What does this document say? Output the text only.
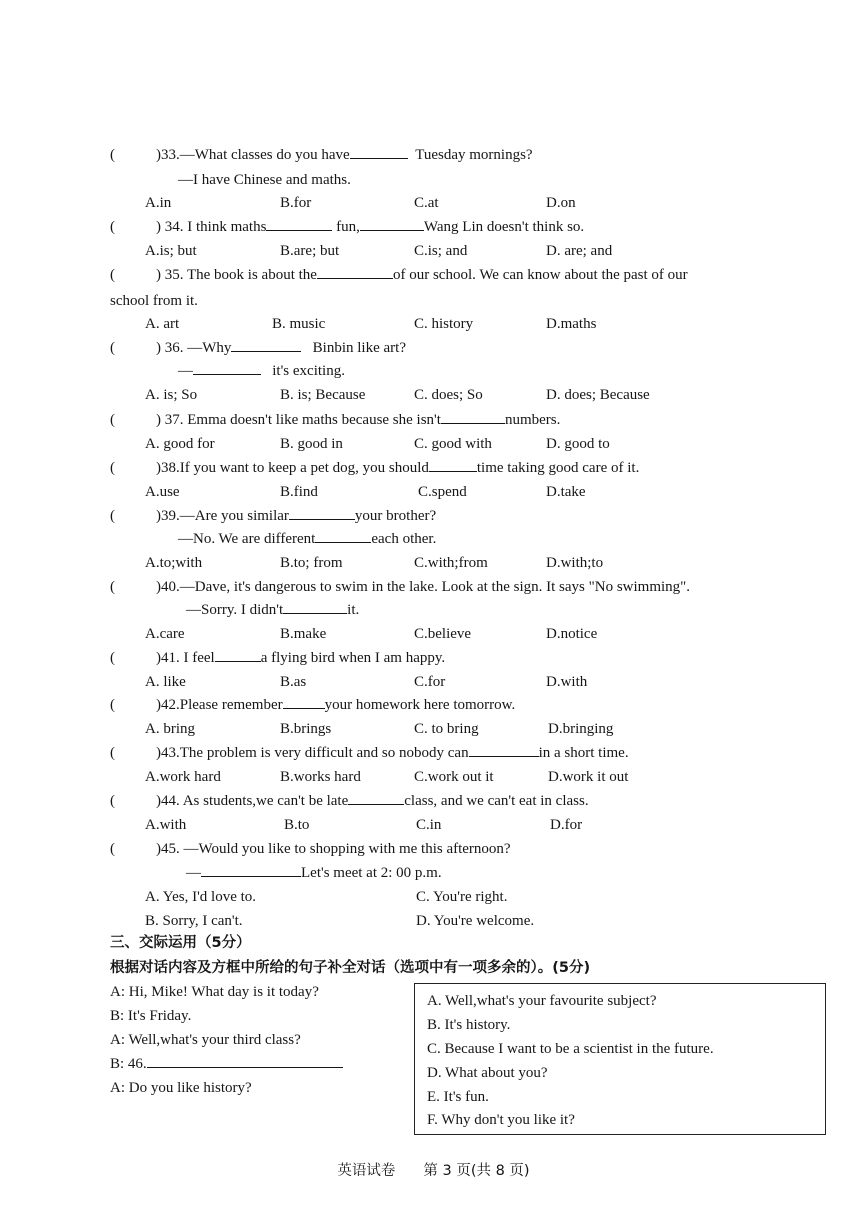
(	)33.—What classes do you have	Tuesday mornings?
—I have Chinese and maths.
A.in	B.for	C.at	D.on
(	) 34. I think maths	fun,	Wang Lin doesn't think so.
A.is; but	B.are; but	C.is; and	D. are; and
(	) 35. The book is about the	of our school. We can know about the past of our
school from it.
A. art	B. music	C. history	D.maths
(	) 36. —Why	Binbin like art?
—	it's exciting.
A. is; So	B. is; Because	C. does; So	D. does; Because
(	) 37. Emma doesn't like maths because she isn't	numbers.
A. good for	B. good in	C. good with	D. good to
(	)38.If you want to keep a pet dog, you should	time taking good care of it.
A.use	B.find	C.spend	D.take
(	)39.—Are you similar	your brother?
—No. We are different	each other.
A.to;with	B.to; from	C.with;from	D.with;to
(	)40.—Dave, it's dangerous to swim in the lake. Look at the sign. It says "No swimming".
—Sorry. I didn't	it.
A.care	B.make	C.believe	D.notice
(	)41. I feel	a flying bird when I am happy.
A. like	B.as	C.for	D.with
(	)42.Please remember	your homework here tomorrow.
A. bring	B.brings	C. to bring	D.bringing
(	)43.The problem is very difficult and so nobody can	in a short time.
A.work hard	B.works hard	C.work out it	D.work it out
(	)44. As students,we can't be late	class, and we can't eat in class.
A.with	B.to	C.in	D.for
(	)45. —Would you like to shopping with me this afternoon?
—	Let's meet at 2: 00 p.m.
A. Yes, I'd love to.	C. You're right.
B. Sorry, I can't.	D. You're welcome.
三、交际运用（5分）
根据对话内容及方框中所给的句子补全对话（选项中有一项多余的）。(5分)
A: Hi, Mike! What day is it today?
B: It's Friday.
A: Well,what's your third class?
B: 46.
A: Do you like history?
A. Well,what's your favourite subject?
B. It's history.
C. Because I want to be a scientist in the future.
D. What about you?
E. It's fun.
F. Why don't you like it?
英语试卷 第 3 页(共 8 页)
